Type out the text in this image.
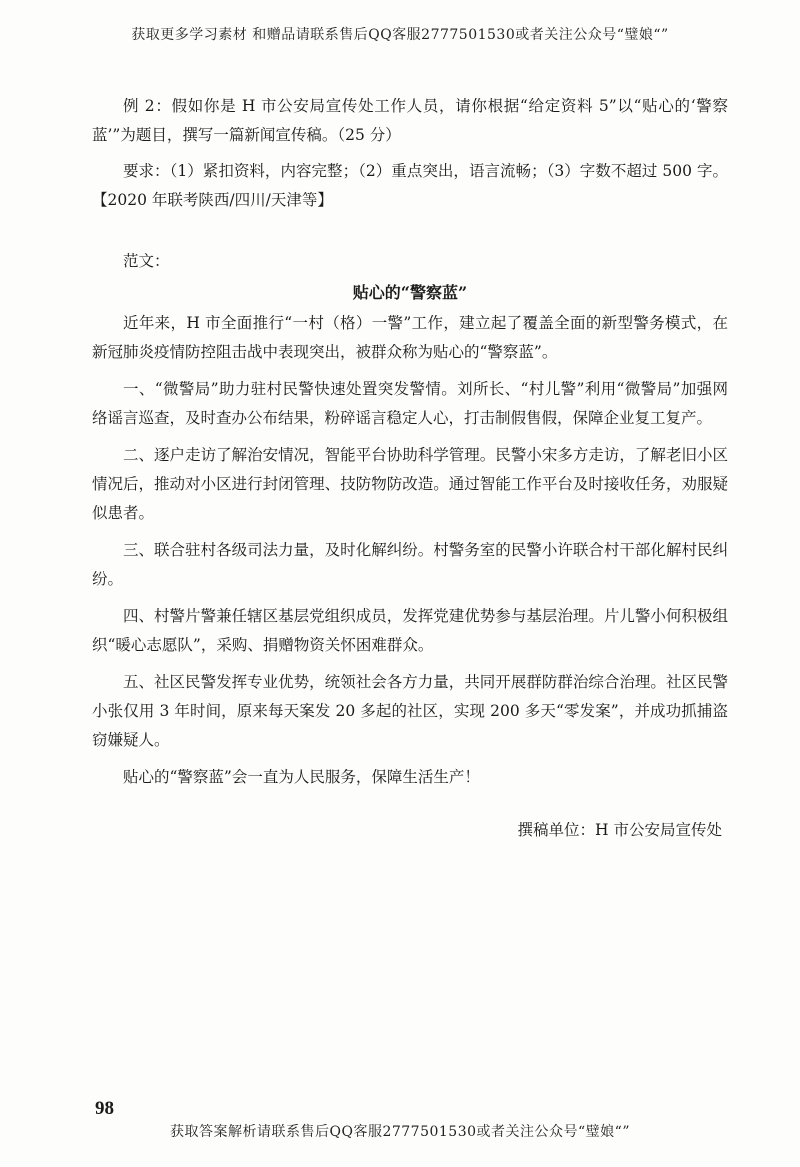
获取更多学习素材 和赠品请联系售后QQ客服2777501530或者关注公众号“璧娘“”

例 2：假如你是 H 市公安局宣传处工作人员，请你根据“给定资料 5”以“贴心的‘警察蓝’”为题目，撰写一篇新闻宣传稿。（25 分）

要求：（1）紧扣资料，内容完整；（2）重点突出，语言流畅；（3）字数不超过 500 字。【2020 年联考陕西/四川/天津等】

范文：

贴心的“警察蓝”

近年来，H 市全面推行“一村（格）一警”工作，建立起了覆盖全面的新型警务模式，在新冠肺炎疫情防控阻击战中表现突出，被群众称为贴心的“警察蓝”。

一、“微警局”助力驻村民警快速处置突发警情。刘所长、“村儿警”利用“微警局”加强网络谣言巡查，及时查办公布结果，粉碎谣言稳定人心，打击制假售假，保障企业复工复产。

二、逐户走访了解治安情况，智能平台协助科学管理。民警小宋多方走访，了解老旧小区情况后，推动对小区进行封闭管理、技防物防改造。通过智能工作平台及时接收任务，劝服疑似患者。

三、联合驻村各级司法力量，及时化解纠纷。村警务室的民警小许联合村干部化解村民纠纷。

四、村警片警兼任辖区基层党组织成员，发挥党建优势参与基层治理。片儿警小何积极组织“暖心志愿队”，采购、捐赠物资关怀困难群众。

五、社区民警发挥专业优势，统领社会各方力量，共同开展群防群治综合治理。社区民警小张仅用 3 年时间，原来每天案发 20 多起的社区，实现 200 多天“零发案”，并成功抓捕盗窃嫌疑人。

贴心的“警察蓝”会一直为人民服务，保障生活生产！

撰稿单位：H 市公安局宣传处

98
获取答案解析请联系售后QQ客服2777501530或者关注公众号“璧娘“”
